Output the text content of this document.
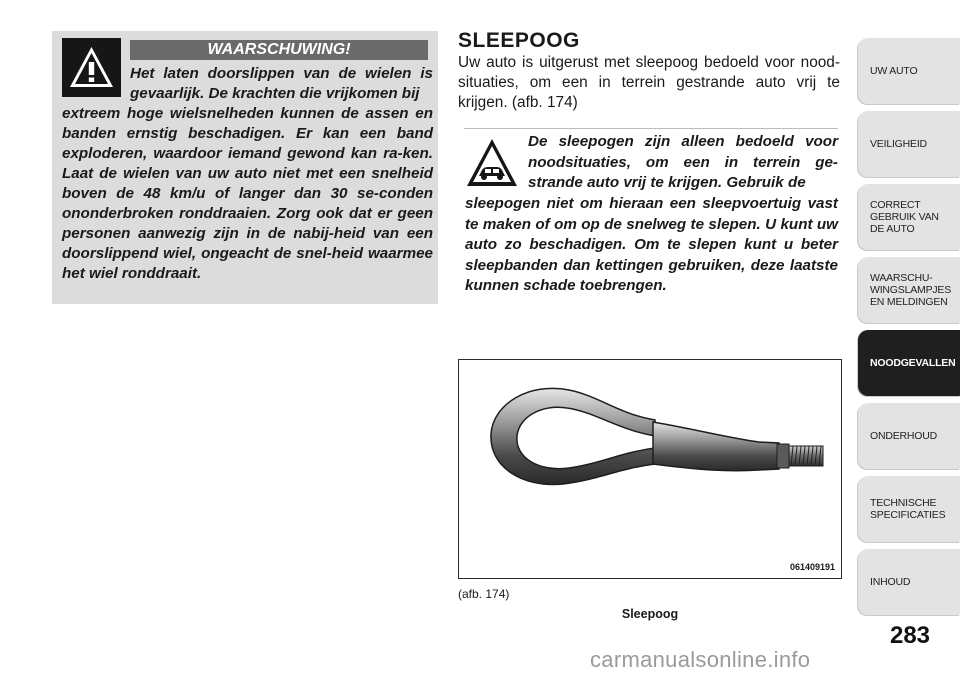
WAARSCHUWING!

Het laten doorslippen van de wielen is gevaarlijk. De krachten die vrijkomen bij

extreem hoge wielsnelheden kunnen de assen en banden ernstig beschadigen. Er kan een band exploderen, waardoor iemand gewond kan ra-ken. Laat de wielen van uw auto niet met een snelheid boven de 48 km/u of langer dan 30 se-conden ononderbroken ronddraaien. Zorg ook dat er geen personen aanwezig zijn in de nabij-heid van een doorslippend wiel, ongeacht de snel-heid waarmee het wiel ronddraait.

SLEEPOOG

Uw auto is uitgerust met sleepoog bedoeld voor nood-situaties, om een in terrein gestrande auto vrij te krijgen. (afb. 174)

De sleepogen zijn alleen bedoeld voor noodsituaties, om een in terrein ge-strande auto vrij te krijgen. Gebruik de

sleepogen niet om hieraan een sleepvoertuig vast te maken of om op de snelweg te slepen. U kunt uw auto zo beschadigen. Om te slepen kunt u beter sleepbanden dan kettingen gebruiken, deze laatste kunnen schade toebrengen.

061409191
(afb. 174)
Sleepoog
UW AUTO
VEILIGHEID
CORRECT
GEBRUIK VAN
DE AUTO
WAARSCHU-
WINGSLAMPJES
EN MELDINGEN
NOODGEVALLEN
ONDERHOUD
TECHNISCHE
SPECIFICATIES
INHOUD
283
carmanualsonline.info
